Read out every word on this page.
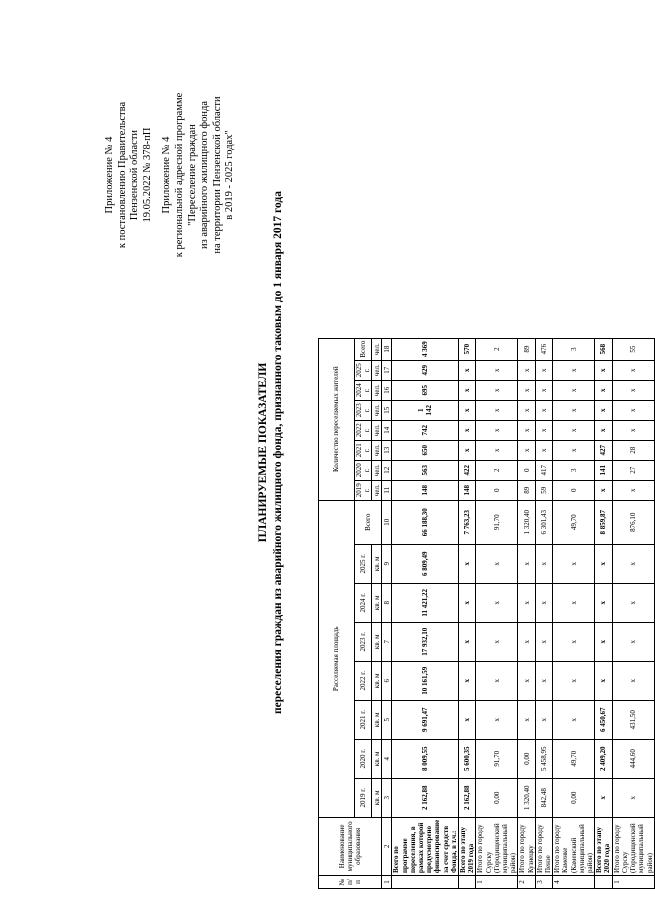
Приложение № 4 к постановлению Правительства Пензенской области 19.05.2022 № 378-пП Приложение № 4 к региональной адресной программе "Переселение граждан из аварийного жилищного фонда на территории Пензенской области в 2019 - 2025 годах"
ПЛАНИРУЕМЫЕ ПОКАЗАТЕЛИ переселения граждан из аварийного жилищного фонда, признанного таковым до 1 января 2017 года
№ п/п	Наименование муниципального образования	Расселяемая площадь								Количество переселяемых жителей							
		2019 г.	2020 г.	2021 г.	2022 г.	2023 г.	2024 г.	2025 г.	Всего	2019 г.	2020 г.	2021 г.	2022 г.	2023 г.	2024 г.	2025 г.	Всего
		кв. м	кв. м	кв. м	кв. м	кв. м	кв. м	кв. м		чел.	чел.	чел.	чел.	чел.	чел.	чел.	чел.
1	2	3	4	5	6	7	8	9	10	11	12	13	14	15	16	17	18
	Всего по программе переселения, в рамках которой предусмотрено финансирование за счет средств Фонда, в т.ч.:	2 162,88	8 009,55	9 691,47	10 161,59	17 932,10	11 421,22	6 809,49	66 188,30	148	563	650	742	1 142	695	429	4 369
	Всего по этапу 2019 года	2 162,88	5 600,35	x	x	x	x	x	7 763,23	148	422	x	x	x	x	x	570
1	Итого по городу Сурску (Городищенский муниципальный район)	0,00	91,70	x	x	x	x	x	91,70	0	2	x	x	x	x	x	2
2	Итого по городу Кузнецку	1 320,40	0,00	x	x	x	x	x	1 320,40	89	0	x	x	x	x	x	89
3	Итого по городу Пензе	842,48	5 458,95	x	x	x	x	x	6 301,43	59	417	x	x	x	x	x	476
4	Итого по городу Каменке (Каменский муниципальный район)	0,00	49,70	x	x	x	x	x	49,70	0	3	x	x	x	x	x	3
	Всего по этапу 2020 года	x	2 409,20	6 450,67	x	x	x	x	8 859,87	x	141	427	x	x	x	x	568
1	Итого по городу Сурску (Городищенский муниципальный район)	x	444,60	431,50	x	x	x	x	876,10	x	27	28	x	x	x	x	55
